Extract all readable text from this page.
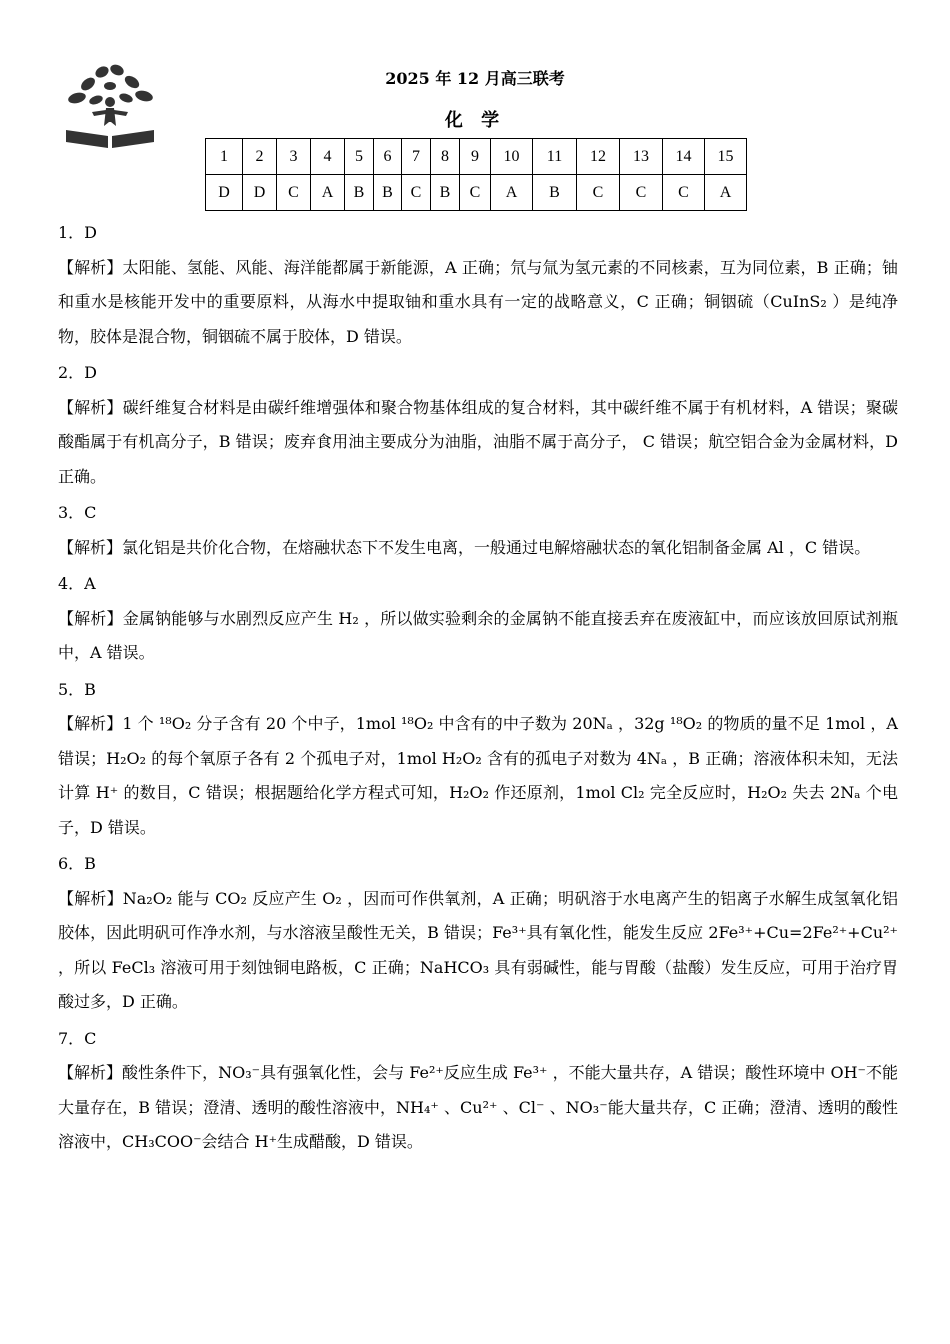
2025 年 12 月高三联考
化 学
1	2	3	4	5	6	7	8	9	10	11	12	13	14	15
D	D	C	A	B	B	C	B	C	A	B	C	C	C	A

1．D

【解析】太阳能、氢能、风能、海洋能都属于新能源，A 正确；氘与氚为氢元素的不同核素，互为同位素，B 正确；铀和重水是核能开发中的重要原料，从海水中提取铀和重水具有一定的战略意义，C 正确；铜铟硫（CuInS₂ ）是纯净物，胶体是混合物，铜铟硫不属于胶体，D 错误。

2．D

【解析】碳纤维复合材料是由碳纤维增强体和聚合物基体组成的复合材料，其中碳纤维不属于有机材料，A 错误；聚碳酸酯属于有机高分子，B 错误；废弃食用油主要成分为油脂，油脂不属于高分子， C 错误；航空铝合金为金属材料，D 正确。

3．C

【解析】氯化铝是共价化合物，在熔融状态下不发生电离，一般通过电解熔融状态的氧化铝制备金属 Al ，C 错误。

4．A

【解析】金属钠能够与水剧烈反应产生 H₂ ，所以做实验剩余的金属钠不能直接丢弃在废液缸中，而应该放回原试剂瓶中，A 错误。

5．B

【解析】1 个 ¹⁸O₂ 分子含有 20 个中子，1mol ¹⁸O₂ 中含有的中子数为 20Nₐ ，32g ¹⁸O₂ 的物质的量不足 1mol ，A 错误；H₂O₂ 的每个氧原子各有 2 个孤电子对，1mol H₂O₂ 含有的孤电子对数为 4Nₐ ，B 正确；溶液体积未知，无法计算 H⁺ 的数目，C 错误；根据题给化学方程式可知，H₂O₂ 作还原剂，1mol Cl₂ 完全反应时，H₂O₂ 失去 2Nₐ 个电子，D 错误。

6．B

【解析】Na₂O₂ 能与 CO₂ 反应产生 O₂ ，因而可作供氧剂，A 正确；明矾溶于水电离产生的铝离子水解生成氢氧化铝胶体，因此明矾可作净水剂，与水溶液呈酸性无关，B 错误；Fe³⁺具有氧化性，能发生反应 2Fe³⁺+Cu=2Fe²⁺+Cu²⁺ ，所以 FeCl₃ 溶液可用于刻蚀铜电路板，C 正确；NaHCO₃ 具有弱碱性，能与胃酸（盐酸）发生反应，可用于治疗胃酸过多，D 正确。

7．C

【解析】酸性条件下，NO₃⁻具有强氧化性，会与 Fe²⁺反应生成 Fe³⁺ ，不能大量共存，A 错误；酸性环境中 OH⁻不能大量存在，B 错误；澄清、透明的酸性溶液中，NH₄⁺ 、Cu²⁺ 、Cl⁻ 、NO₃⁻能大量共存，C 正确；澄清、透明的酸性溶液中，CH₃COO⁻会结合 H⁺生成醋酸，D 错误。
